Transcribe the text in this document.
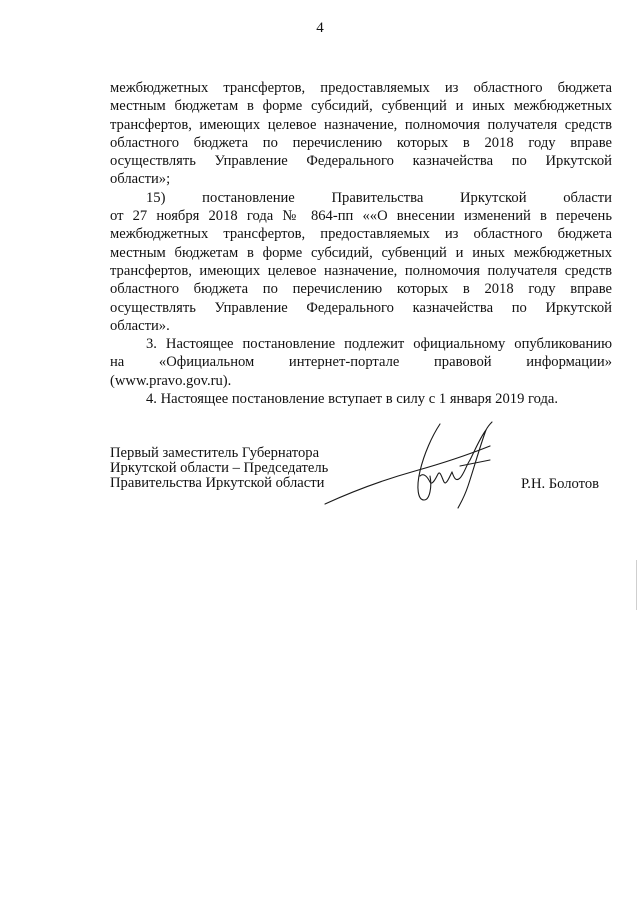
4
межбюджетных трансфертов, предоставляемых из областного бюджета
местным бюджетам в форме субсидий, субвенций и иных межбюджетных
трансфертов, имеющих целевое назначение, полномочия получателя средств
областного бюджета по перечислению которых в 2018 году вправе
осуществлять Управление Федерального казначейства по Иркутской
области»;
15) постановление Правительства Иркутской области
от 27 ноября 2018 года № 864-пп ««О внесении изменений в перечень
межбюджетных трансфертов, предоставляемых из областного бюджета
местным бюджетам в форме субсидий, субвенций и иных межбюджетных
трансфертов, имеющих целевое назначение, полномочия получателя средств
областного бюджета по перечислению которых в 2018 году вправе
осуществлять Управление Федерального казначейства по Иркутской
области».
3. Настоящее постановление подлежит официальному опубликованию
на «Официальном интернет-портале правовой информации»
(www.pravo.gov.ru).
4. Настоящее постановление вступает в силу с 1 января 2019 года.
Первый заместитель Губернатора
Иркутской области – Председатель
Правительства Иркутской области	Р.Н. Болотов
